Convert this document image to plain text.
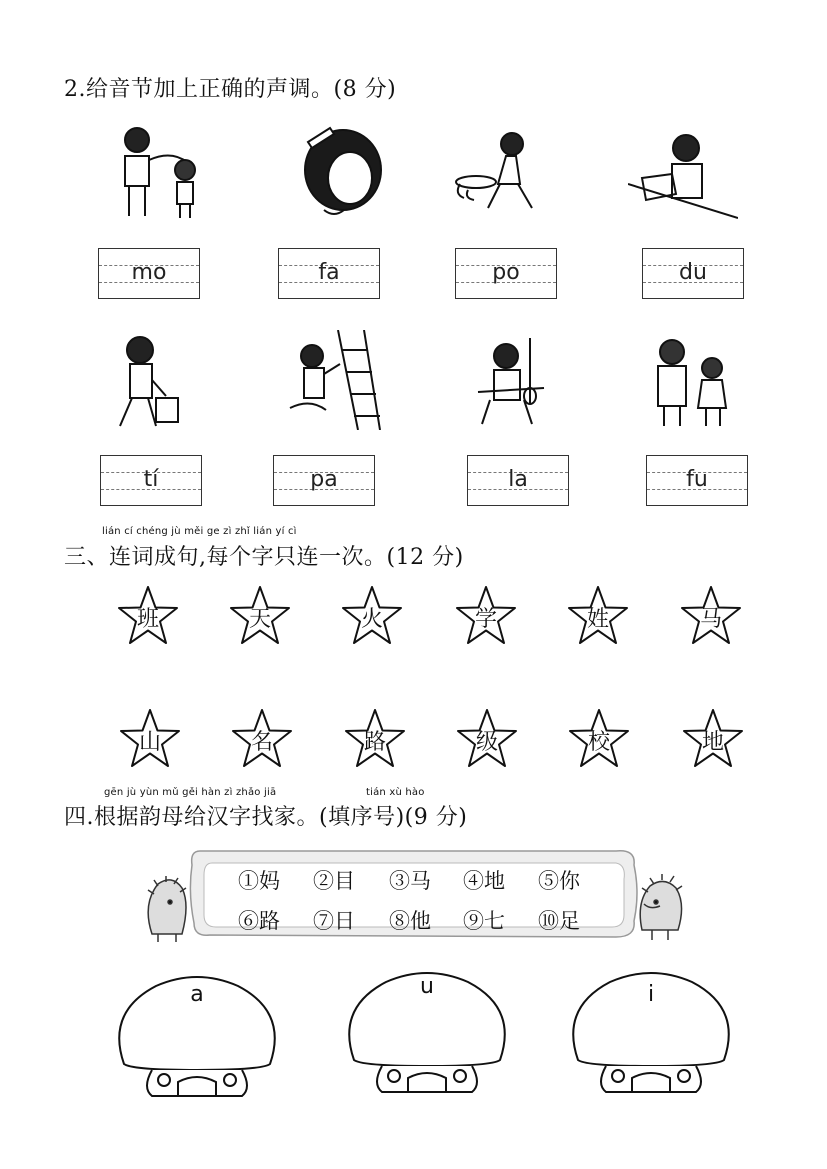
2.给音节加上正确的声调。(8 分)
mo	fa	po	du
tí	pa	la	fu
lián cí chéng jù měi ge zì zhǐ lián yí cì
三、连词成句,每个字只连一次。(12 分)
班	天	火	学	姓	马
山	名	路	级	校	地
gēn jù yùn mǔ gěi hàn zì zhǎo jiā	tián xù hào
四.根据韵母给汉字找家。(填序号)(9 分)
①妈 ②目 ③马 ④地 ⑤你
⑥路 ⑦日 ⑧他 ⑨七 ⑩足
a	u	i
